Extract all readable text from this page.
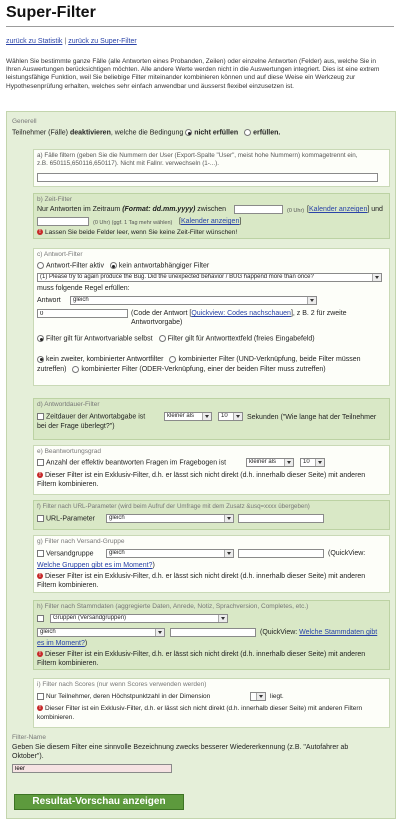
Super-Filter
zurück zu Statistik | zurück zu Super-Filter
Wählen Sie bestimmte ganze Fälle (alle Antworten eines Probanden, Zeilen) oder einzelne Antworten (Felder) aus, welche Sie in Ihren Auswertungen berücksichtigen möchten. Alle andere Werte werden nicht in die Auswertungen integriert. Dies ist eine extrem leistungsfähige Funktion, weil Sie beliebige Filter miteinander kombinieren können und auf diese Weise ein Werkzeug zur Hypothesenprüfung erhalten, welches sehr einfach anwendbar und äusserst flexibel einzusetzen ist.
Generell
Teilnehmer (Fälle) deaktivieren, welche die Bedingung nicht erfüllen erfüllen.
a) Fälle filtern (geben Sie die Nummern der User (Export-Spalte "User", meist hohe Nummern) kommagetrennt ein, z.B. 650115,650116,650117). Nicht mit Fallnr. verwechseln (1-...).
b) Zeit-Filter
Nur Antworten im Zeitraum (Format: dd.mm.yyyy) zwischen	(0 Uhr) [Kalender anzeigen] und
(0 Uhr) (ggf. 1 Tag mehr wählen) [Kalender anzeigen]
! Lassen Sie beide Felder leer, wenn Sie keine Zeit-Filter wünschen!
c) Antwort-Filter
Antwort-Filter aktiv kein antwortabhängiger Filter
(1) Please try to again produce the Bug. Did the unexpected behavior / BUG happend more than once?
muss folgende Regel erfüllen:
Antwort	gleich
0
(Code der Antwort [Quickview: Codes nachschauen], z B. 2 für zweite Antwortvorgabe)
Filter gilt für Antwortvariable selbst Filter gilt für Antworttextfeld (freies Eingabefeld)
kein zweiter, kombinierter Antwortfilter kombinierter Filter (UND-Verknüpfung, beide Filter müssen zutreffen) kombinierter Filter (ODER-Verknüpfung, einer der beiden Filter muss zutreffen)
d) Antwortdauer-Filter
Zeitdauer der Antwortabgabe ist	kleiner als	10	Sekunden ("Wie lange hat der Teilnehmer bei der Frage überlegt?")
e) Beantwortungsgrad
Anzahl der effektiv beantworten Fragen im Fragebogen ist	kleiner als	10
! Dieser Filter ist ein Exklusiv-Filter, d.h. er lässt sich nicht direkt (d.h. innerhalb dieser Seite) mit anderen Filtern kombinieren.
f) Filter nach URL-Parameter (wird beim Aufruf der Umfrage mit dem Zusatz &usq=xxxx übergeben)
URL-Parameter	gleich
g) Filter nach Versand-Gruppe
Versandgruppe	gleich	(QuickView:
Welche Gruppen gibt es im Moment?)
! Dieser Filter ist ein Exklusiv-Filter, d.h. er lässt sich nicht direkt (d.h. innerhalb dieser Seite) mit anderen Filtern kombinieren.
h) Filter nach Stammdaten (aggregierte Daten, Anrede, Notiz, Sprachversion, Completes, etc.)
Gruppen (Versandgruppen)
gleich	(QuickView: Welche Stammdaten gibt
es im Moment?)
! Dieser Filter ist ein Exklusiv-Filter, d.h. er lässt sich nicht direkt (d.h. innerhalb dieser Seite) mit anderen Filtern kombinieren.
i) Filter nach Scores (nur wenn Scores verwenden werden)
Nur Teilnehmer, deren Höchstpunktzahl in der Dimension	liegt.
! Dieser Filter ist ein Exklusiv-Filter, d.h. er lässt sich nicht direkt (d.h. innerhalb dieser Seite) mit anderen Filtern kombinieren.
Filter-Name
Geben Sie diesem Filter eine sinnvolle Bezeichnung zwecks besserer Wiedererkennung (z.B. "Autofahrer ab Oktober").
leer
Resultat-Vorschau anzeigen
